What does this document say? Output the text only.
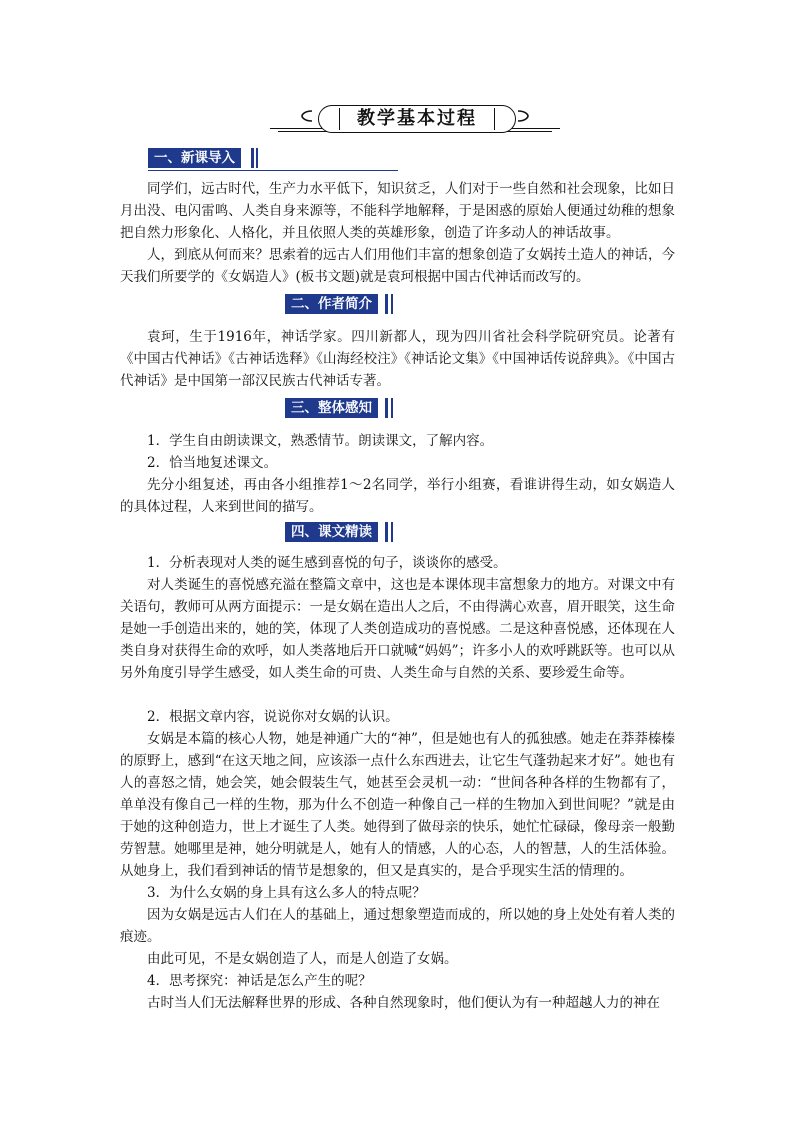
教学基本过程
一、新课导入

同学们，远古时代，生产力水平低下，知识贫乏，人们对于一些自然和社会现象，比如日月出没、电闪雷鸣、人类自身来源等，不能科学地解释，于是困惑的原始人便通过幼稚的想象把自然力形象化、人格化，并且依照人类的英雄形象，创造了许多动人的神话故事。

人，到底从何而来？思索着的远古人们用他们丰富的想象创造了女娲抟土造人的神话，今天我们所要学的《女娲造人》(板书文题)就是袁珂根据中国古代神话而改写的。

二、作者简介

袁珂，生于1916年，神话学家。四川新都人，现为四川省社会科学院研究员。论著有《中国古代神话》《古神话选释》《山海经校注》《神话论文集》《中国神话传说辞典》。《中国古代神话》是中国第一部汉民族古代神话专著。

三、整体感知

1．学生自由朗读课文，熟悉情节。朗读课文，了解内容。

2．恰当地复述课文。

先分小组复述，再由各小组推荐1～2名同学，举行小组赛，看谁讲得生动，如女娲造人的具体过程，人来到世间的描写。

四、课文精读

1．分析表现对人类的诞生感到喜悦的句子，谈谈你的感受。

对人类诞生的喜悦感充溢在整篇文章中，这也是本课体现丰富想象力的地方。对课文中有关语句，教师可从两方面提示：一是女娲在造出人之后，不由得满心欢喜，眉开眼笑，这生命是她一手创造出来的，她的笑，体现了人类创造成功的喜悦感。二是这种喜悦感，还体现在人类自身对获得生命的欢呼，如人类落地后开口就喊“妈妈”；许多小人的欢呼跳跃等。也可以从另外角度引导学生感受，如人类生命的可贵、人类生命与自然的关系、要珍爱生命等。

2．根据文章内容，说说你对女娲的认识。

女娲是本篇的核心人物，她是神通广大的“神”，但是她也有人的孤独感。她走在莽莽榛榛的原野上，感到“在这天地之间，应该添一点什么东西进去，让它生气蓬勃起来才好”。她也有人的喜怒之情，她会笑，她会假装生气，她甚至会灵机一动：“世间各种各样的生物都有了，单单没有像自己一样的生物，那为什么不创造一种像自己一样的生物加入到世间呢？”就是由于她的这种创造力，世上才诞生了人类。她得到了做母亲的快乐，她忙忙碌碌，像母亲一般勤劳智慧。她哪里是神，她分明就是人，她有人的情感，人的心态，人的智慧，人的生活体验。从她身上，我们看到神话的情节是想象的，但又是真实的，是合乎现实生活的情理的。

3．为什么女娲的身上具有这么多人的特点呢？

因为女娲是远古人们在人的基础上，通过想象塑造而成的，所以她的身上处处有着人类的痕迹。

由此可见，不是女娲创造了人，而是人创造了女娲。

4．思考探究：神话是怎么产生的呢？

古时当人们无法解释世界的形成、各种自然现象时，他们便认为有一种超越人力的神在
